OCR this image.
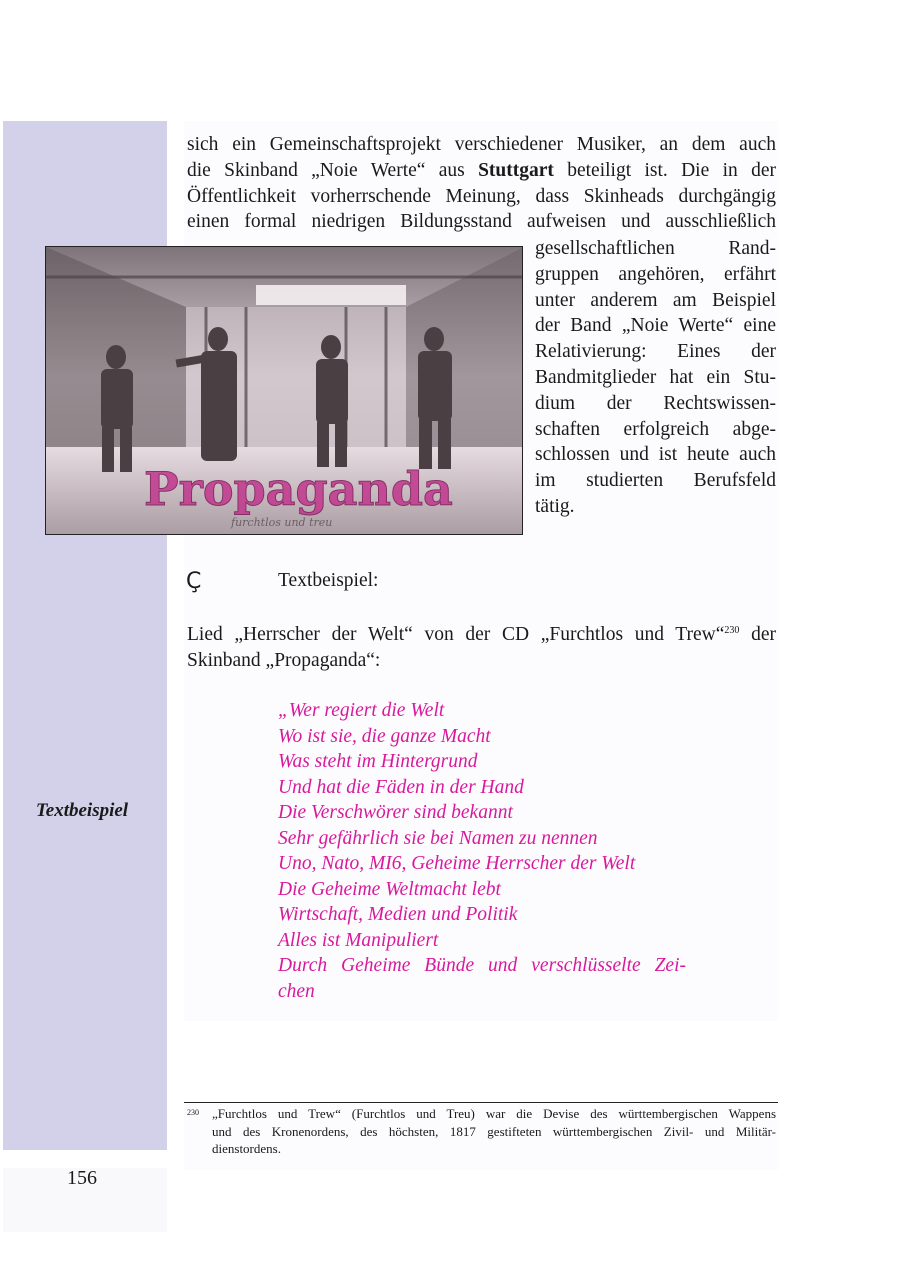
Textbeispiel
156
sich ein Gemeinschaftsprojekt verschiedener Musiker, an dem auch
die Skinband „Noie Werte“ aus Stuttgart beteiligt ist. Die in der
Öffentlichkeit vorherrschende Meinung, dass Skinheads durchgängig
einen formal niedrigen Bildungsstand aufweisen und ausschließlich
Propaganda
furchtlos und treu
gesellschaftlichen Rand-
gruppen angehören, erfährt
unter anderem am Beispiel
der Band „Noie Werte“ eine
Relativierung: Eines der
Bandmitglieder hat ein Stu-
dium der Rechtswissen-
schaften erfolgreich abge-
schlossen und ist heute auch
im studierten Berufsfeld
tätig.
Ç	Textbeispiel:
Lied „Herrscher der Welt“ von der CD „Furchtlos und Trew“$^{230}$ der
Skinband „Propaganda“:
„Wer regiert die Welt
Wo ist sie, die ganze Macht
Was steht im Hintergrund
Und hat die Fäden in der Hand
Die Verschwörer sind bekannt
Sehr gefährlich sie bei Namen zu nennen
Uno, Nato, MI6, Geheime Herrscher der Welt
Die Geheime Weltmacht lebt
Wirtschaft, Medien und Politik
Alles ist Manipuliert
Durch Geheime Bünde und verschlüsselte Zei-
chen
230 „Furchtlos und Trew“ (Furchtlos und Treu) war die Devise des württembergischen Wappens
und des Kronenordens, des höchsten, 1817 gestifteten württembergischen Zivil- und Militär-
dienstordens.
